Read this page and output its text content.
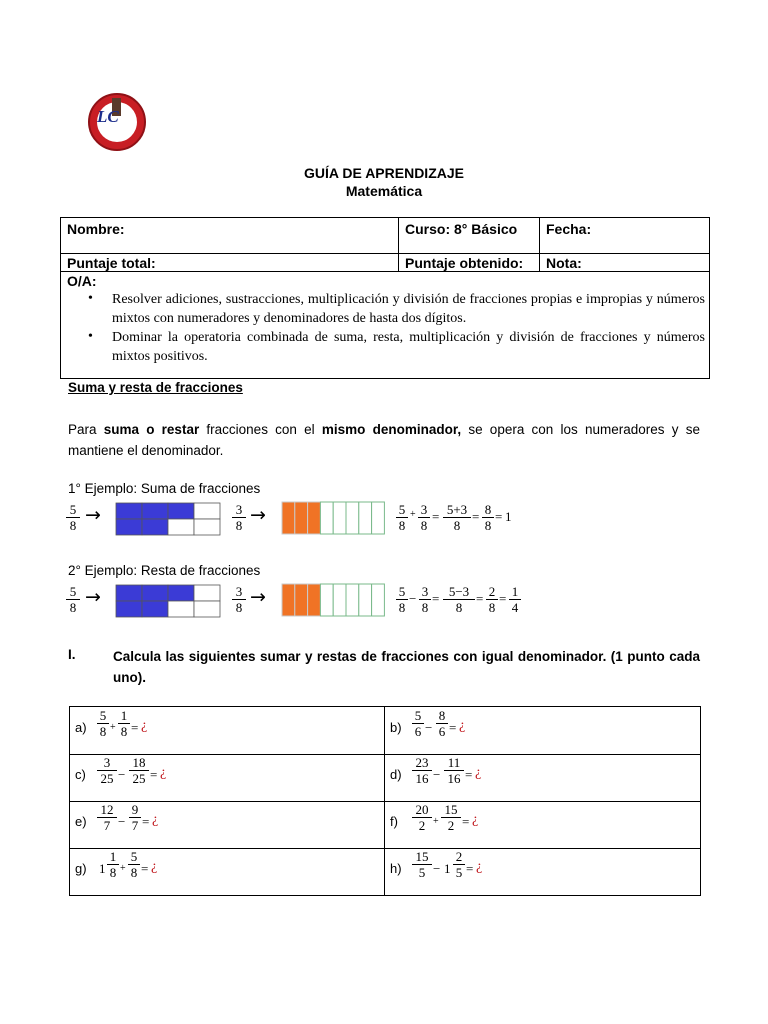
LC
GUÍA DE APRENDIZAJE
Matemática
Nombre:	Curso: 8° Básico Fecha:
Puntaje total:	Puntaje obtenido: Nota:
O/A:
• Resolver adiciones, sustracciones, multiplicación y división de fracciones propias e impropias y números mixtos con numeradores y denominadores de hasta dos dígitos.
• Dominar la operatoria combinada de suma, resta, multiplicación y división de fracciones y números mixtos positivos.
Suma y resta de fracciones
Para suma o restar fracciones con el mismo denominador, se opera con los numeradores y se mantiene el denominador.
1° Ejemplo: Suma de fracciones
$\frac{5}{8}$ →	$\frac{3}{8}$ →	$\frac{5}{8} + \frac{3}{8} = \frac{5+3}{8} = \frac{8}{8} = 1$
2° Ejemplo: Resta de fracciones
$\frac{5}{8}$ →	$\frac{3}{8}$ →	$\frac{5}{8} - \frac{3}{8} = \frac{5-3}{8} = \frac{2}{8} = \frac{1}{4}$
I.	Calcula las siguientes sumar y restas de fracciones con igual denominador. (1 punto cada uno).
$a) \frac{5}{8} + \frac{1}{8}$ = ¿	$b) \frac{5}{6} - \frac{8}{6}$ = ¿
$c) \frac{3}{25} - \frac{18}{25}$ = ¿	$d) \frac{23}{16} - \frac{11}{16}$ = ¿
$e) \frac{12}{7} - \frac{9}{7}$ = ¿	$f) \frac{20}{2} + \frac{15}{2}$ = ¿
g) $1 \frac{1}{8} + \frac{5}{8}$ = ¿	$h) \frac{15}{5} - 1 \frac{2}{5}$ = ¿
